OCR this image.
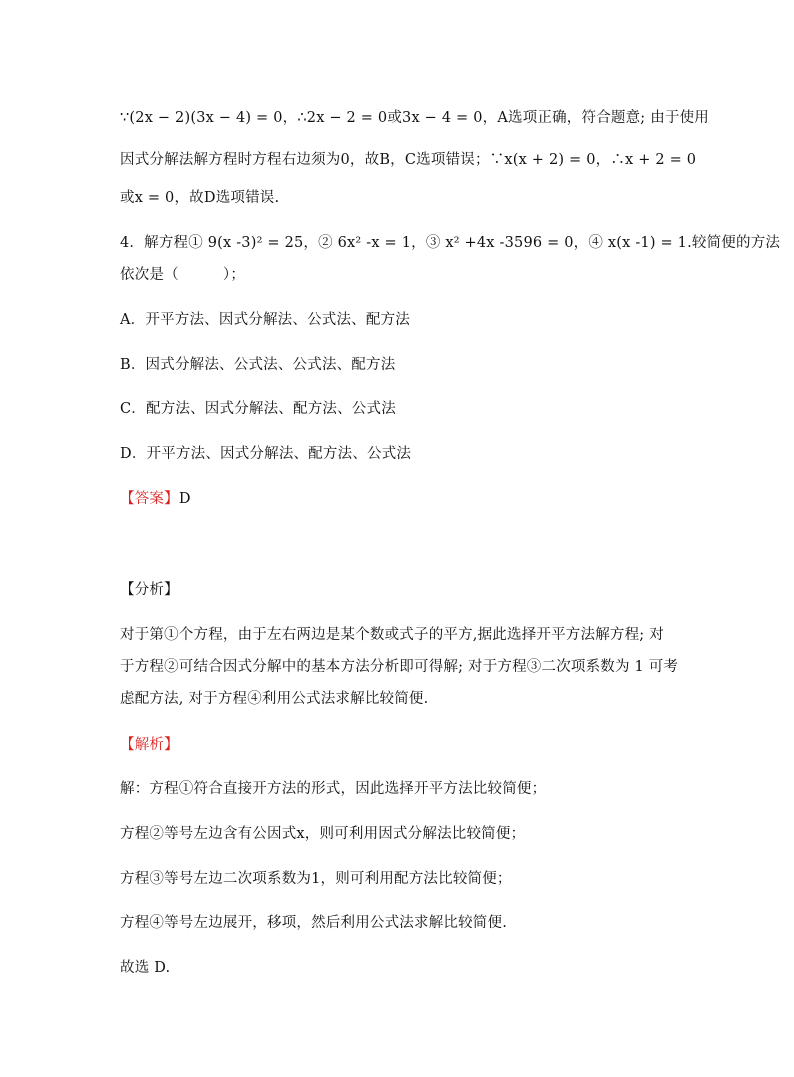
∵(2x − 2)(3x − 4) = 0，∴2x − 2 = 0或3x − 4 = 0，A选项正确，符合题意; 由于使用
因式分解法解方程时方程右边须为0，故B，C选项错误；∵x(x + 2) = 0，∴x + 2 = 0
或x = 0，故D选项错误.
4．解方程① 9(x -3)² = 25，② 6x² -x = 1，③ x² +4x -3596 = 0，④ x(x -1) = 1.较简便的方法
依次是（　　　）；
A．开平方法、因式分解法、公式法、配方法
B．因式分解法、公式法、公式法、配方法
C．配方法、因式分解法、配方法、公式法
D．开平方法、因式分解法、配方法、公式法
【答案】D
【分析】
对于第①个方程，由于左右两边是某个数或式子的平方,据此选择开平方法解方程; 对
于方程②可结合因式分解中的基本方法分析即可得解; 对于方程③二次项系数为 1 可考
虑配方法, 对于方程④利用公式法求解比较简便.
【解析】
解：方程①符合直接开方法的形式，因此选择开平方法比较简便；
方程②等号左边含有公因式x，则可利用因式分解法比较简便；
方程③等号左边二次项系数为1，则可利用配方法比较简便；
方程④等号左边展开，移项，然后利用公式法求解比较简便.
故选 D.
